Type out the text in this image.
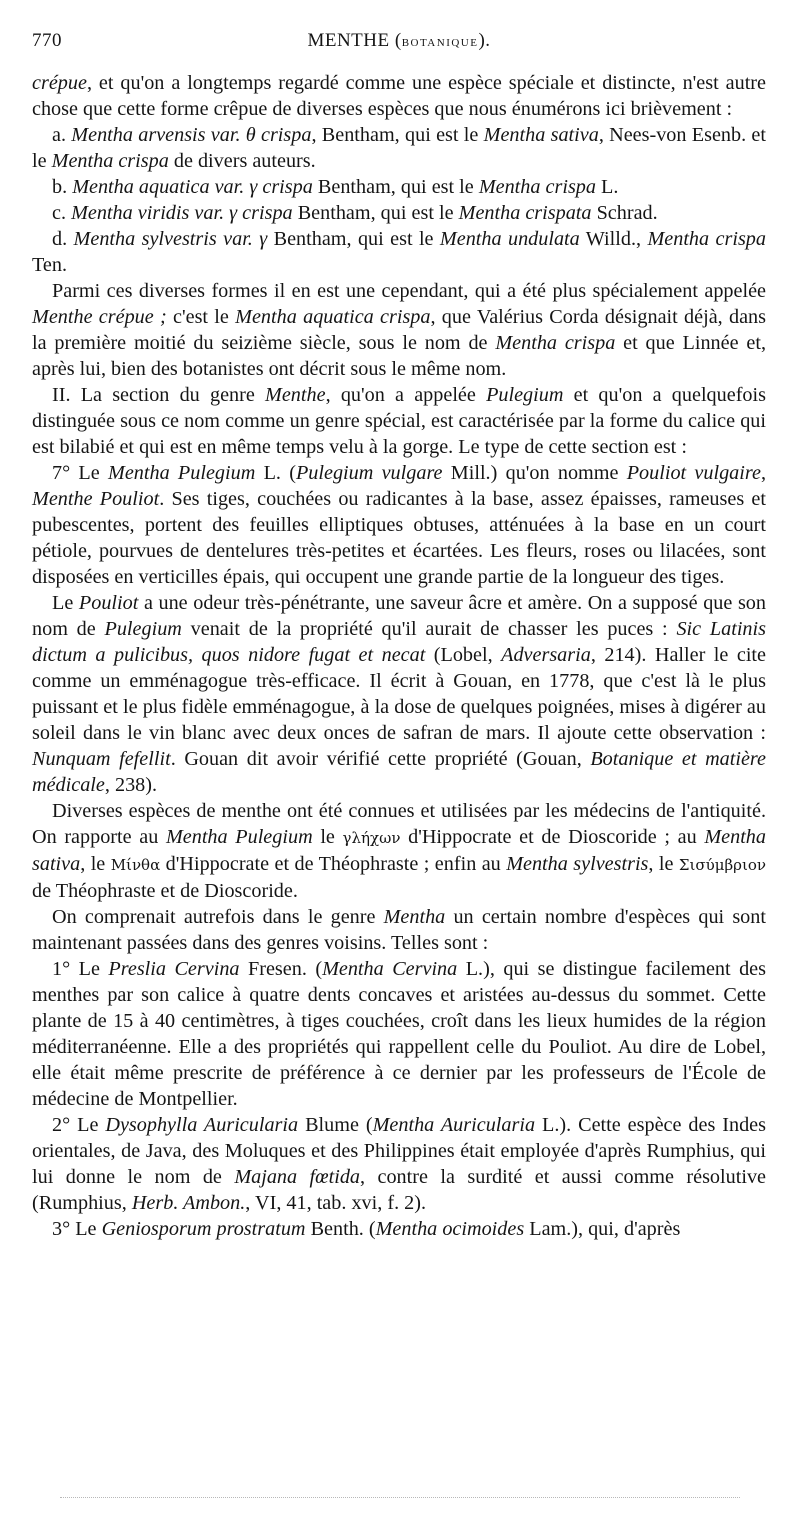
770	MENTHE (botanique).

crépue, et qu'on a longtemps regardé comme une espèce spéciale et distincte, n'est autre chose que cette forme crêpue de diverses espèces que nous énumérons ici brièvement :

a. Mentha arvensis var. θ crispa, Bentham, qui est le Mentha sativa, Nees-von Esenb. et le Mentha crispa de divers auteurs.

b. Mentha aquatica var. γ crispa Bentham, qui est le Mentha crispa L.

c. Mentha viridis var. γ crispa Bentham, qui est le Mentha crispata Schrad.

d. Mentha sylvestris var. γ Bentham, qui est le Mentha undulata Willd., Mentha crispa Ten.

Parmi ces diverses formes il en est une cependant, qui a été plus spécialement appelée Menthe crépue ; c'est le Mentha aquatica crispa, que Valérius Corda désignait déjà, dans la première moitié du seizième siècle, sous le nom de Mentha crispa et que Linnée et, après lui, bien des botanistes ont décrit sous le même nom.

II. La section du genre Menthe, qu'on a appelée Pulegium et qu'on a quelquefois distinguée sous ce nom comme un genre spécial, est caractérisée par la forme du calice qui est bilabié et qui est en même temps velu à la gorge. Le type de cette section est :

7° Le Mentha Pulegium L. (Pulegium vulgare Mill.) qu'on nomme Pouliot vulgaire, Menthe Pouliot. Ses tiges, couchées ou radicantes à la base, assez épaisses, rameuses et pubescentes, portent des feuilles elliptiques obtuses, atténuées à la base en un court pétiole, pourvues de dentelures très-petites et écartées. Les fleurs, roses ou lilacées, sont disposées en verticilles épais, qui occupent une grande partie de la longueur des tiges.

Le Pouliot a une odeur très-pénétrante, une saveur âcre et amère. On a supposé que son nom de Pulegium venait de la propriété qu'il aurait de chasser les puces : Sic Latinis dictum a pulicibus, quos nidore fugat et necat (Lobel, Adversaria, 214). Haller le cite comme un emménagogue très-efficace. Il écrit à Gouan, en 1778, que c'est là le plus puissant et le plus fidèle emménagogue, à la dose de quelques poignées, mises à digérer au soleil dans le vin blanc avec deux onces de safran de mars. Il ajoute cette observation : Nunquam fefellit. Gouan dit avoir vérifié cette propriété (Gouan, Botanique et matière médicale, 238).

Diverses espèces de menthe ont été connues et utilisées par les médecins de l'antiquité. On rapporte au Mentha Pulegium le γλήχων d'Hippocrate et de Dioscoride ; au Mentha sativa, le Μίνθα d'Hippocrate et de Théophraste ; enfin au Mentha sylvestris, le Σισύμβριον de Théophraste et de Dioscoride.

On comprenait autrefois dans le genre Mentha un certain nombre d'espèces qui sont maintenant passées dans des genres voisins. Telles sont :

1° Le Preslia Cervina Fresen. (Mentha Cervina L.), qui se distingue facilement des menthes par son calice à quatre dents concaves et aristées au-dessus du sommet. Cette plante de 15 à 40 centimètres, à tiges couchées, croît dans les lieux humides de la région méditerranéenne. Elle a des propriétés qui rappellent celle du Pouliot. Au dire de Lobel, elle était même prescrite de préférence à ce dernier par les professeurs de l'École de médecine de Montpellier.

2° Le Dysophylla Auricularia Blume (Mentha Auricularia L.). Cette espèce des Indes orientales, de Java, des Moluques et des Philippines était employée d'après Rumphius, qui lui donne le nom de Majana fœtida, contre la surdité et aussi comme résolutive (Rumphius, Herb. Ambon., VI, 41, tab. xvi, f. 2).

3° Le Geniosporum prostratum Benth. (Mentha ocimoides Lam.), qui, d'après
